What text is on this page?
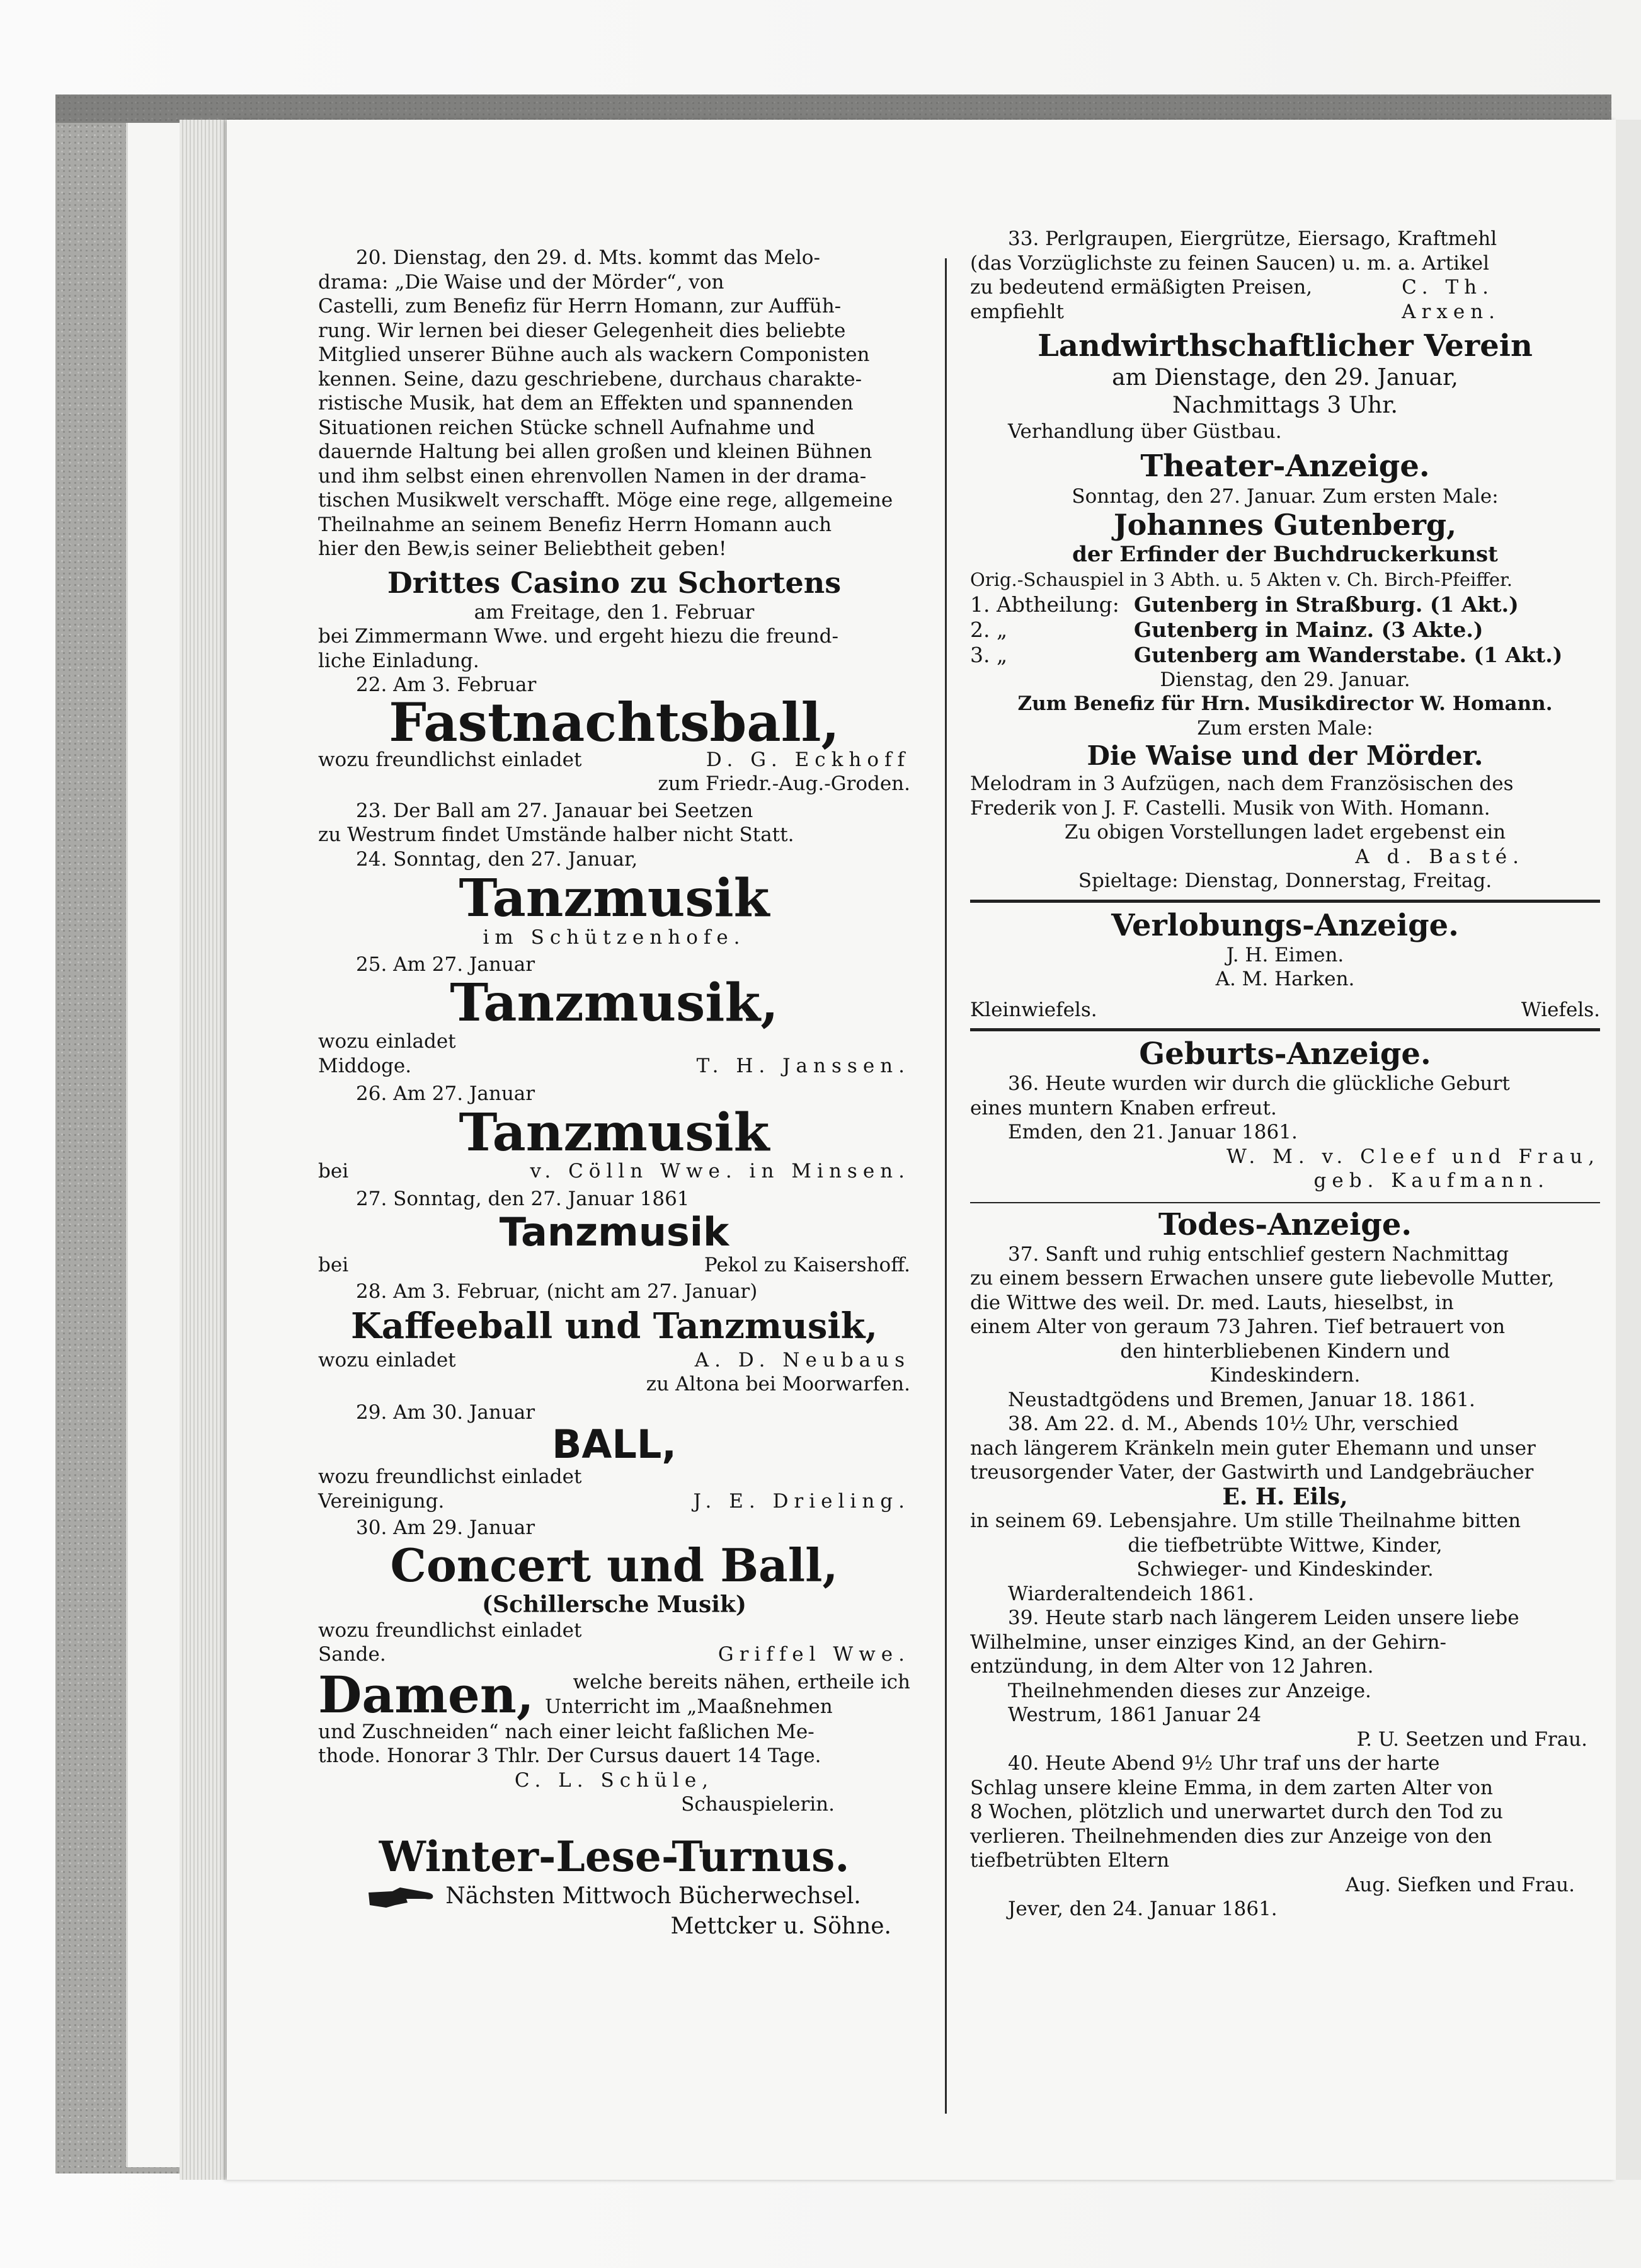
20. Dienstag, den 29. d. Mts. kommt das Melo-

drama: „Die Waise und der Mörder“, von

Castelli, zum Benefiz für Herrn Homann, zur Auffüh-

rung. Wir lernen bei dieser Gelegenheit dies beliebte

Mitglied unserer Bühne auch als wackern Componisten

kennen. Seine, dazu geschriebene, durchaus charakte-

ristische Musik, hat dem an Effekten und spannenden

Situationen reichen Stücke schnell Aufnahme und

dauernde Haltung bei allen großen und kleinen Bühnen

und ihm selbst einen ehrenvollen Namen in der drama-

tischen Musikwelt verschafft. Möge eine rege, allgemeine

Theilnahme an seinem Benefiz Herrn Homann auch

hier den Bew,is seiner Beliebtheit geben!

Drittes Casino zu Schortens

am Freitage, den 1. Februar

bei Zimmermann Wwe. und ergeht hiezu die freund-

liche Einladung.

22. Am 3. Februar

Fastnachtsball,

wozu freundlichst einladet	D. G. Eckhoff

zum Friedr.-Aug.-Groden.

23. Der Ball am 27. Janauar bei Seetzen

zu Westrum findet Umstände halber nicht Statt.

24. Sonntag, den 27. Januar,

Tanzmusik

im Schützenhofe.

25. Am 27. Januar

Tanzmusik,

wozu einladet

Middoge.	T. H. Janssen.

26. Am 27. Januar

Tanzmusik

bei	v. Cölln Wwe. in Minsen.

27. Sonntag, den 27. Januar 1861

Tanzmusik

bei	Pekol zu Kaisershoff.

28. Am 3. Februar, (nicht am 27. Januar)

Kaffeeball und Tanzmusik,

wozu einladet	A. D. Neubaus

zu Altona bei Moorwarfen.

29. Am 30. Januar

BALL,

wozu freundlichst einladet

Vereinigung.	J. E. Drieling.

30. Am 29. Januar

Concert und Ball,

(Schillersche Musik)

wozu freundlichst einladet

Sande.	Griffel Wwe.
Damen,	welche bereits nähen, ertheile ich
Unterricht im „Maaßnehmen

und Zuschneiden“ nach einer leicht faßlichen Me-

thode. Honorar 3 Thlr. Der Cursus dauert 14 Tage.

C. L. Schüle,

Schauspielerin.

Winter-Lese-Turnus.

Nächsten Mittwoch Bücherwechsel.

Mettcker u. Söhne.

33. Perlgraupen, Eiergrütze, Eiersago, Kraftmehl

(das Vorzüglichste zu feinen Saucen) u. m. a. Artikel

zu bedeutend ermäßigten Preisen, empfiehlt
C. Th. Arxen.

Landwirthschaftlicher Verein

am Dienstage, den 29. Januar,

Nachmittags 3 Uhr.

Verhandlung über Güstbau.

Theater-Anzeige.

Sonntag, den 27. Januar. Zum ersten Male:

Johannes Gutenberg,

der Erfinder der Buchdruckerkunst

Orig.-Schauspiel in 3 Abth. u. 5 Akten v. Ch. Birch-Pfeiffer.

1. Abtheilung: Gutenberg in Straßburg. (1 Akt.)
2. „	Gutenberg in Mainz. (3 Akte.)
3. „	Gutenberg am Wanderstabe. (1 Akt.)

Dienstag, den 29. Januar.

Zum Benefiz für Hrn. Musikdirector W. Homann.

Zum ersten Male:

Die Waise und der Mörder.

Melodram in 3 Aufzügen, nach dem Französischen des

Frederik von J. F. Castelli. Musik von With. Homann.

Zu obigen Vorstellungen ladet ergebenst ein

A d. Basté.

Spieltage: Dienstag, Donnerstag, Freitag.

Verlobungs-Anzeige.

J. H. Eimen.

A. M. Harken.

Kleinwiefels.	Wiefels.

Geburts-Anzeige.

36. Heute wurden wir durch die glückliche Geburt

eines muntern Knaben erfreut.

Emden, den 21. Januar 1861.

W. M. v. Cleef und Frau,

geb. Kaufmann.

Todes-Anzeige.

37. Sanft und ruhig entschlief gestern Nachmittag

zu einem bessern Erwachen unsere gute liebevolle Mutter,

die Wittwe des weil. Dr. med. Lauts, hieselbst, in

einem Alter von geraum 73 Jahren. Tief betrauert von

den hinterbliebenen Kindern und

Kindeskindern.

Neustadtgödens und Bremen, Januar 18. 1861.

38. Am 22. d. M., Abends 10½ Uhr, verschied

nach längerem Kränkeln mein guter Ehemann und unser

treusorgender Vater, der Gastwirth und Landgebräucher

E. H. Eils,

in seinem 69. Lebensjahre. Um stille Theilnahme bitten

die tiefbetrübte Wittwe, Kinder,

Schwieger- und Kindeskinder.

Wiarderaltendeich 1861.

39. Heute starb nach längerem Leiden unsere liebe

Wilhelmine, unser einziges Kind, an der Gehirn-

entzündung, in dem Alter von 12 Jahren.

Theilnehmenden dieses zur Anzeige.

Westrum, 1861 Januar 24

P. U. Seetzen und Frau.

40. Heute Abend 9½ Uhr traf uns der harte

Schlag unsere kleine Emma, in dem zarten Alter von

8 Wochen, plötzlich und unerwartet durch den Tod zu

verlieren. Theilnehmenden dies zur Anzeige von den

tiefbetrübten Eltern

Aug. Siefken und Frau.

Jever, den 24. Januar 1861.
